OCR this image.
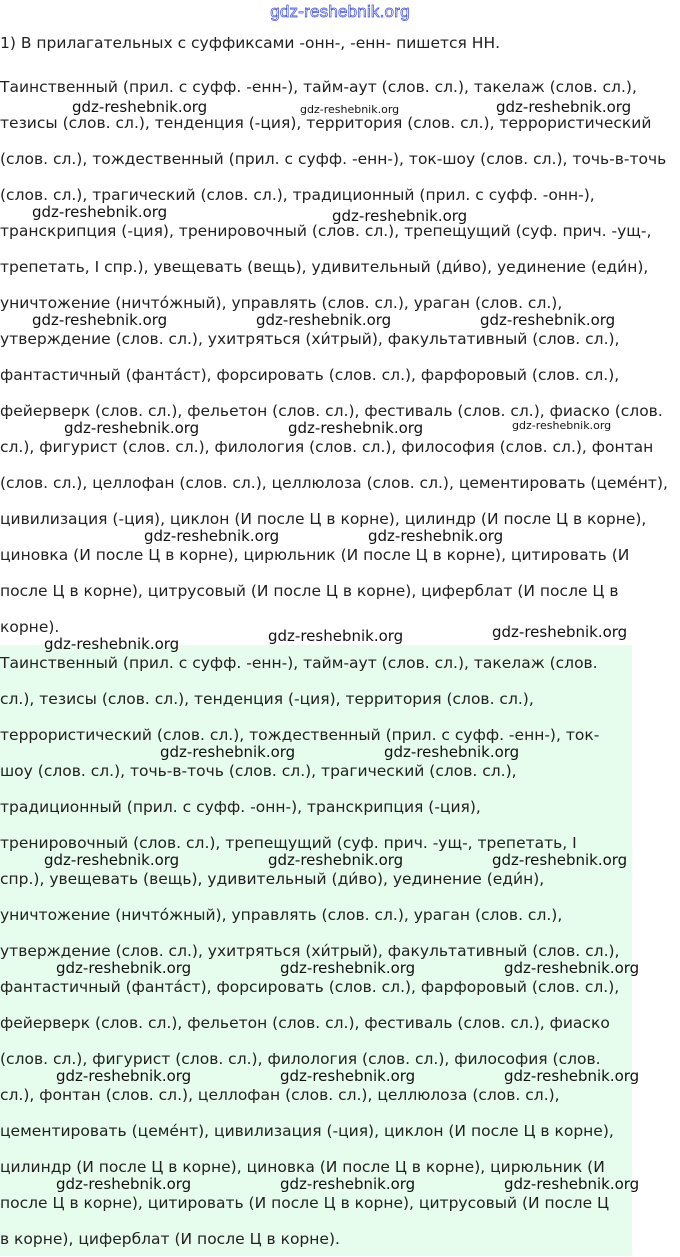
gdz-reshebnik.org
1) В прилагательных с суффиксами -онн-, -енн- пишется НН.
Таинственный (прил. с суфф. -енн-), тайм-аут (слов. сл.), такелаж (слов. сл.),
тезисы (слов. сл.), тенденция (-ция), территория (слов. сл.), террористический
(слов. сл.), тождественный (прил. с суфф. -енн-), ток-шоу (слов. сл.), точь-в-точь
(слов. сл.), трагический (слов. сл.), традиционный (прил. с суфф. -онн-),
транскрипция (-ция), тренировочный (слов. сл.), трепещущий (суф. прич. -ущ-,
трепетать, I спр.), увещевать (вещь), удивительный (ди́во), уединение (еди́н),
уничтожение (ничто́жный), управлять (слов. сл.), ураган (слов. сл.),
утверждение (слов. сл.), ухитряться (хи́трый), факультативный (слов. сл.),
фантастичный (фанта́ст), форсировать (слов. сл.), фарфоровый (слов. сл.),
фейерверк (слов. сл.), фельетон (слов. сл.), фестиваль (слов. сл.), фиаско (слов.
сл.), фигурист (слов. сл.), филология (слов. сл.), философия (слов. сл.), фонтан
(слов. сл.), целлофан (слов. сл.), целлюлоза (слов. сл.), цементировать (цеме́нт),
цивилизация (-ция), циклон (И после Ц в корне), цилиндр (И после Ц в корне),
циновка (И после Ц в корне), цирюльник (И после Ц в корне), цитировать (И
после Ц в корне), цитрусовый (И после Ц в корне), циферблат (И после Ц в
корне).
Таинственный (прил. с суфф. -енн-), тайм-аут (слов. сл.), такелаж (слов.
сл.), тезисы (слов. сл.), тенденция (-ция), территория (слов. сл.),
террористический (слов. сл.), тождественный (прил. с суфф. -енн-), ток-
шоу (слов. сл.), точь-в-точь (слов. сл.), трагический (слов. сл.),
традиционный (прил. с суфф. -онн-), транскрипция (-ция),
тренировочный (слов. сл.), трепещущий (суф. прич. -ущ-, трепетать, I
спр.), увещевать (вещь), удивительный (ди́во), уединение (еди́н),
уничтожение (ничто́жный), управлять (слов. сл.), ураган (слов. сл.),
утверждение (слов. сл.), ухитряться (хи́трый), факультативный (слов. сл.),
фантастичный (фанта́ст), форсировать (слов. сл.), фарфоровый (слов. сл.),
фейерверк (слов. сл.), фельетон (слов. сл.), фестиваль (слов. сл.), фиаско
(слов. сл.), фигурист (слов. сл.), филология (слов. сл.), философия (слов.
сл.), фонтан (слов. сл.), целлофан (слов. сл.), целлюлоза (слов. сл.),
цементировать (цеме́нт), цивилизация (-ция), циклон (И после Ц в корне),
цилиндр (И после Ц в корне), циновка (И после Ц в корне), цирюльник (И
после Ц в корне), цитировать (И после Ц в корне), цитрусовый (И после Ц
в корне), циферблат (И после Ц в корне).
gdz-reshebnik.org	gdz-reshebnik.org	gdz-reshebnik.org
gdz-reshebnik.org	gdz-reshebnik.org
gdz-reshebnik.org	gdz-reshebnik.org	gdz-reshebnik.org
gdz-reshebnik.org	gdz-reshebnik.org	gdz-reshebnik.org
gdz-reshebnik.org	gdz-reshebnik.org
gdz-reshebnik.org	gdz-reshebnik.org	gdz-reshebnik.org
gdz-reshebnik.org	gdz-reshebnik.org
gdz-reshebnik.org	gdz-reshebnik.org	gdz-reshebnik.org
gdz-reshebnik.org	gdz-reshebnik.org	gdz-reshebnik.org
gdz-reshebnik.org	gdz-reshebnik.org	gdz-reshebnik.org
gdz-reshebnik.org	gdz-reshebnik.org	gdz-reshebnik.org
